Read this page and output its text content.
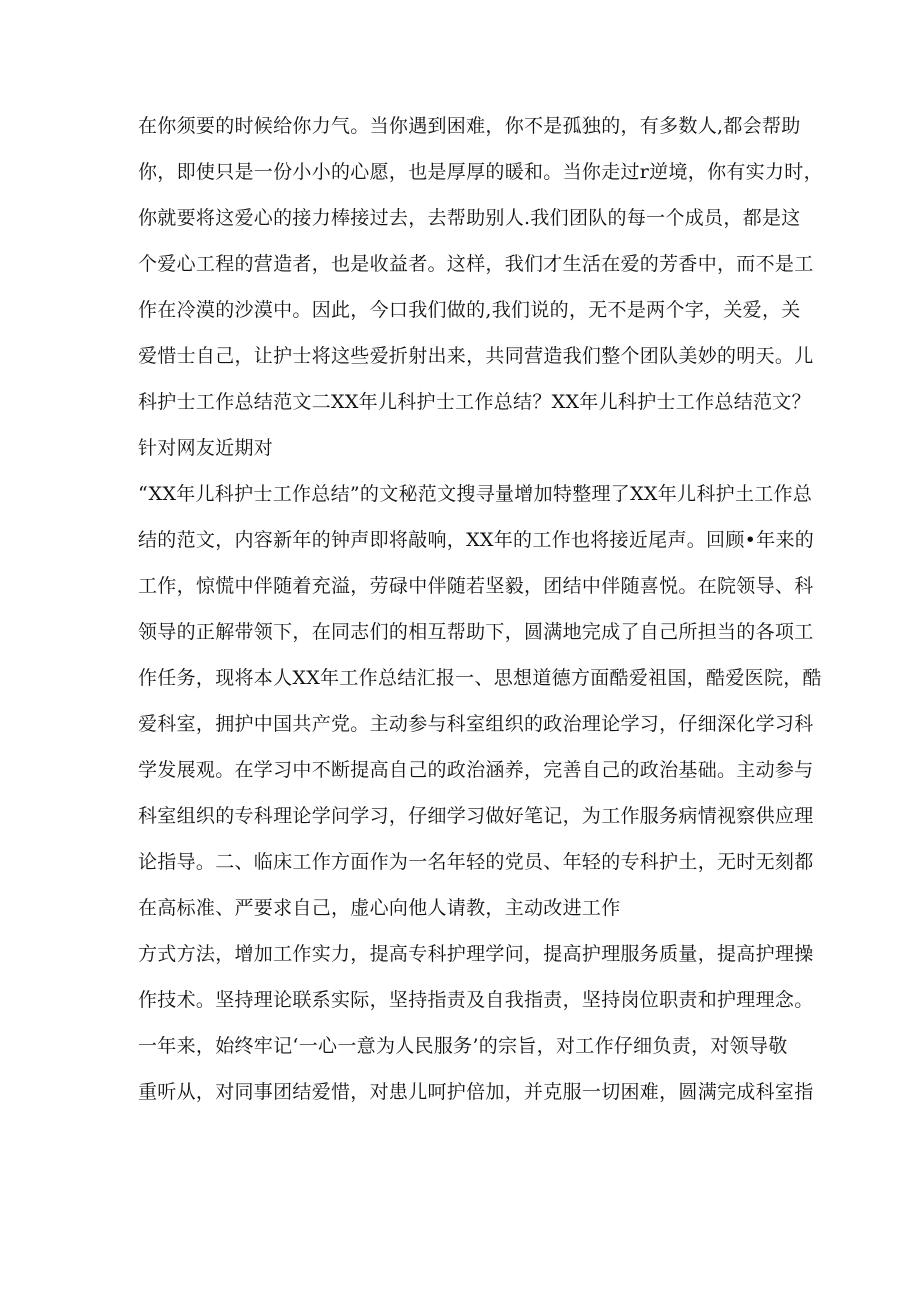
在你须要的时候给你力气。当你遇到困难，你不是孤独的，有多数人,都会帮助
你，即使只是一份小小的心愿，也是厚厚的暖和。当你走过r逆境，你有实力时，
你就要将这爱心的接力棒接过去，去帮助别人.我们团队的每一个成员，都是这
个爱心工程的营造者，也是收益者。这样，我们才生活在爱的芳香中，而不是工
作在冷漠的沙漠中。因此，今口我们做的,我们说的，无不是两个字，关爱，关
爱惜士自己，让护士将这些爱折射出来，共同营造我们整个团队美妙的明天。儿
科护士工作总结范文二XX年儿科护士工作总结？XX年儿科护士工作总结范文？
针对网友近期对
“XX年儿科护士工作总结”的文秘范文搜寻量增加特整理了XX年儿科护土工作总
结的范文，内容新年的钟声即将敲响，XX年的工作也将接近尾声。回顾•年来的
工作，惊慌中伴随着充溢，劳碌中伴随若坚毅，团结中伴随喜悦。在院领导、科
领导的正解带领下，在同志们的相互帮助下，圆满地完成了自己所担当的各项工
作任务，现将本人XX年工作总结汇报一、思想道德方面酷爱祖国，酷爱医院，酷
爱科室，拥护中国共产党。主动参与科室组织的政治理论学习，仔细深化学习科
学发展观。在学习中不断提高自己的政治涵养，完善自己的政治基础。主动参与
科室组织的专科理论学问学习，仔细学习做好笔记，为工作服务病情视察供应理
论指导。二、临床工作方面作为一名年轻的党员、年轻的专科护土，无时无刻都
在高标准、严要求自己，虚心向他人请教，主动改进工作
方式方法，增加工作实力，提高专科护理学问，提高护理服务质量，提高护理操
作技术。坚持理论联系实际，坚持指责及自我指责，坚持岗位职责和护理理念。
一年来，始终牢记‘一心一意为人民服务’的宗旨，对工作仔细负责，对领导敬
重听从，对同事团结爱惜，对患儿呵护倍加，并克服一切困难，圆满完成科室指
